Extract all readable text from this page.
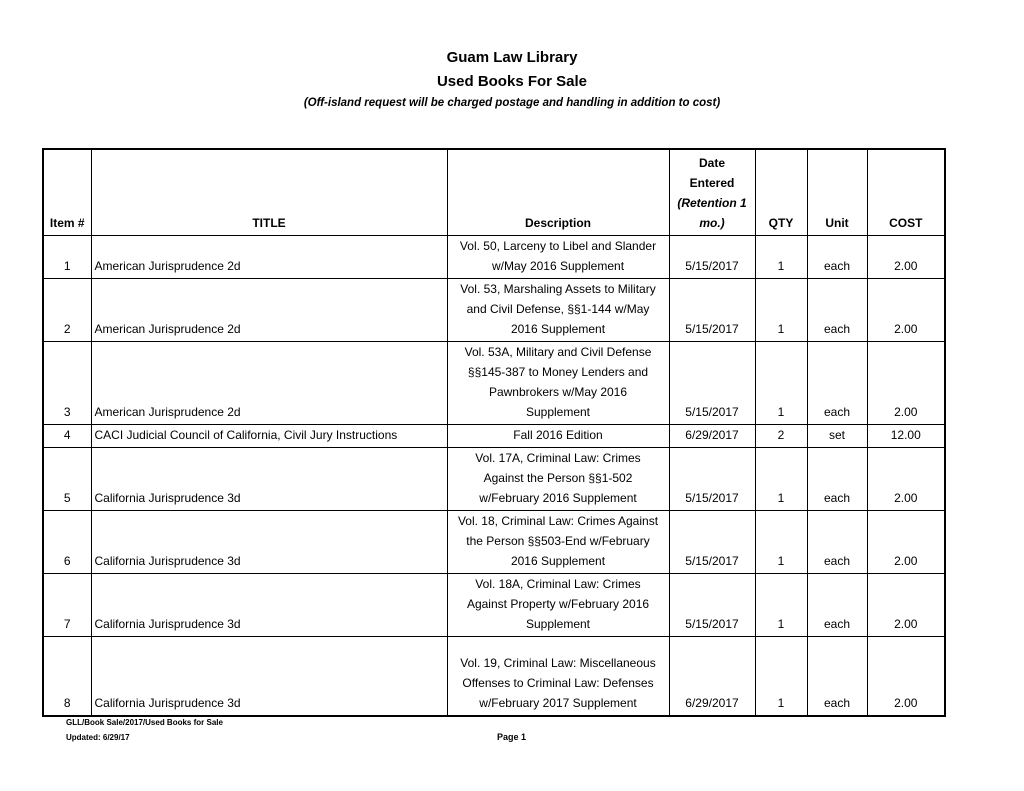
Guam Law Library
Used Books For Sale
(Off-island request will be charged postage and handling in addition to cost)
Item #	TITLE	Description	Date
Entered
(Retention 1
mo.)	QTY	Unit	COST
1	American Jurisprudence 2d	Vol. 50, Larceny to Libel and Slander
w/May 2016 Supplement	5/15/2017	1	each	2.00
2	American Jurisprudence 2d	Vol. 53, Marshaling Assets to Military
and Civil Defense, §§1-144 w/May
2016 Supplement	5/15/2017	1	each	2.00
3	American Jurisprudence 2d	Vol. 53A, Military and Civil Defense
§§145-387 to Money Lenders and
Pawnbrokers w/May 2016
Supplement	5/15/2017	1	each	2.00
4	CACI Judicial Council of California, Civil Jury Instructions	Fall 2016 Edition	6/29/2017	2	set	12.00
5	California Jurisprudence 3d	Vol. 17A, Criminal Law: Crimes
Against the Person §§1-502
w/February 2016 Supplement	5/15/2017	1	each	2.00
6	California Jurisprudence 3d	Vol. 18, Criminal Law: Crimes Against
the Person §§503-End w/February
2016 Supplement	5/15/2017	1	each	2.00
7	California Jurisprudence 3d	Vol. 18A, Criminal Law: Crimes
Against Property w/February 2016
Supplement	5/15/2017	1	each	2.00
8	California Jurisprudence 3d	Vol. 19, Criminal Law: Miscellaneous
Offenses to Criminal Law: Defenses
w/February 2017 Supplement	6/29/2017	1	each	2.00
GLL/Book Sale/2017/Used Books for Sale
Updated: 6/29/17	Page 1
